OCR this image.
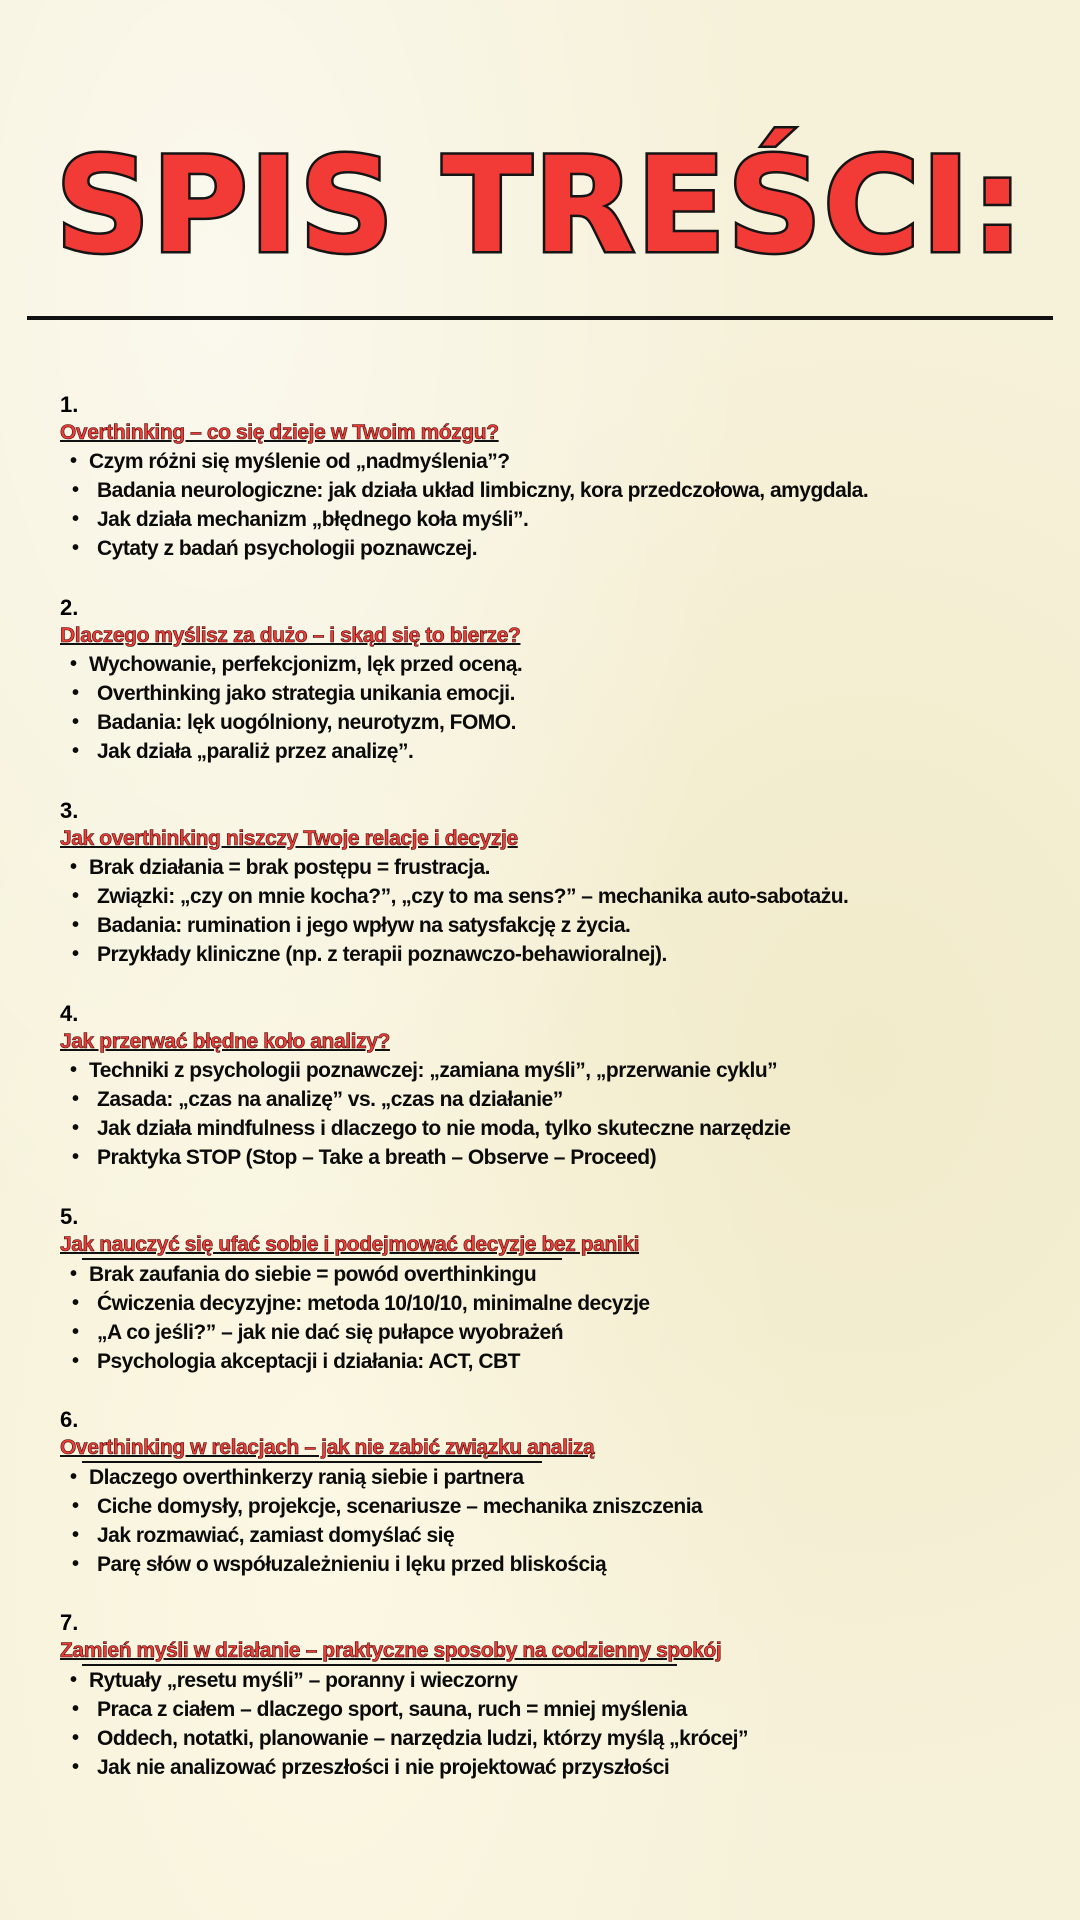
SPIS TREŚCI:
1.
Overthinking – co się dzieje w Twoim mózgu?
• Czym różni się myślenie od „nadmyślenia”?
• Badania neurologiczne: jak działa układ limbiczny, kora przedczołowa, amygdala.
• Jak działa mechanizm „błędnego koła myśli”.
• Cytaty z badań psychologii poznawczej.
2.
Dlaczego myślisz za dużo – i skąd się to bierze?
• Wychowanie, perfekcjonizm, lęk przed oceną.
• Overthinking jako strategia unikania emocji.
• Badania: lęk uogólniony, neurotyzm, FOMO.
• Jak działa „paraliż przez analizę”.
3.
Jak overthinking niszczy Twoje relacje i decyzje
• Brak działania = brak postępu = frustracja.
• Związki: „czy on mnie kocha?”, „czy to ma sens?” – mechanika auto-sabotażu.
• Badania: rumination i jego wpływ na satysfakcję z życia.
• Przykłady kliniczne (np. z terapii poznawczo-behawioralnej).
4.
Jak przerwać błędne koło analizy?
• Techniki z psychologii poznawczej: „zamiana myśli”, „przerwanie cyklu”
• Zasada: „czas na analizę” vs. „czas na działanie”
• Jak działa mindfulness i dlaczego to nie moda, tylko skuteczne narzędzie
• Praktyka STOP (Stop – Take a breath – Observe – Proceed)
5.
Jak nauczyć się ufać sobie i podejmować decyzje bez paniki
• Brak zaufania do siebie = powód overthinkingu
• Ćwiczenia decyzyjne: metoda 10/10/10, minimalne decyzje
• „A co jeśli?” – jak nie dać się pułapce wyobrażeń
• Psychologia akceptacji i działania: ACT, CBT
6.
Overthinking w relacjach – jak nie zabić związku analizą
• Dlaczego overthinkerzy ranią siebie i partnera
• Ciche domysły, projekcje, scenariusze – mechanika zniszczenia
• Jak rozmawiać, zamiast domyślać się
• Parę słów o współuzależnieniu i lęku przed bliskością
7.
Zamień myśli w działanie – praktyczne sposoby na codzienny spokój
• Rytuały „resetu myśli” – poranny i wieczorny
• Praca z ciałem – dlaczego sport, sauna, ruch = mniej myślenia
• Oddech, notatki, planowanie – narzędzia ludzi, którzy myślą „krócej”
• Jak nie analizować przeszłości i nie projektować przyszłości
